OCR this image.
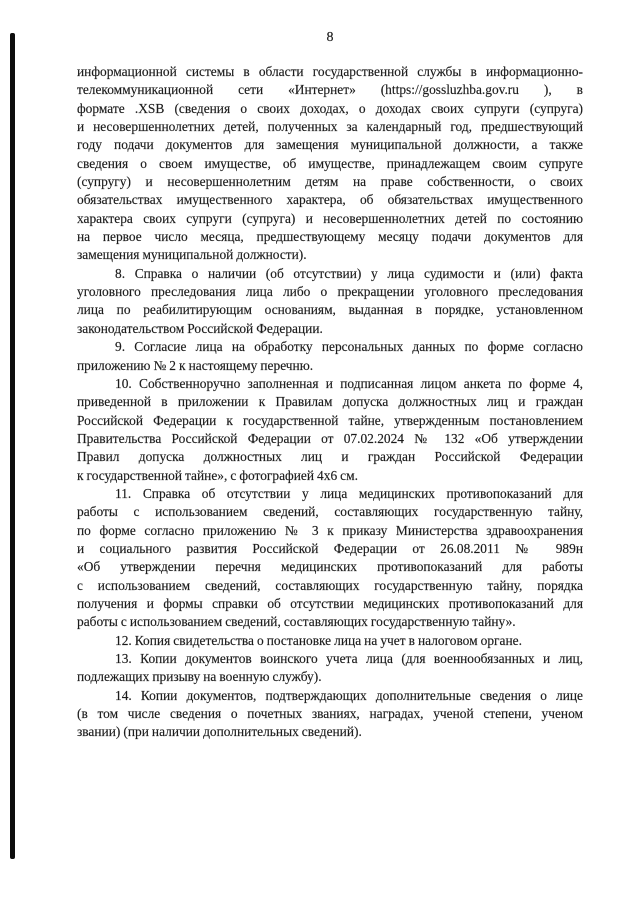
8
информационной системы в области государственной службы в информационно-
телекоммуникационной сети «Интернет» (https://gossluzhba.gov.ru ), в
формате .XSB (сведения о своих доходах, о доходах своих супруги (супруга)
и несовершеннолетних детей, полученных за календарный год, предшествующий
году подачи документов для замещения муниципальной должности, а также
сведения о своем имуществе, об имуществе, принадлежащем своим супруге
(супругу) и несовершеннолетним детям на праве собственности, о своих
обязательствах имущественного характера, об обязательствах имущественного
характера своих супруги (супруга) и несовершеннолетних детей по состоянию
на первое число месяца, предшествующему месяцу подачи документов для
замещения муниципальной должности).
8. Справка о наличии (об отсутствии) у лица судимости и (или) факта
уголовного преследования лица либо о прекращении уголовного преследования
лица по реабилитирующим основаниям, выданная в порядке, установленном
законодательством Российской Федерации.
9. Согласие лица на обработку персональных данных по форме согласно
приложению № 2 к настоящему перечню.
10. Собственноручно заполненная и подписанная лицом анкета по форме 4,
приведенной в приложении к Правилам допуска должностных лиц и граждан
Российской Федерации к государственной тайне, утвержденным постановлением
Правительства Российской Федерации от 07.02.2024 № 132 «Об утверждении
Правил допуска должностных лиц и граждан Российской Федерации
к государственной тайне», с фотографией 4х6 см.
11. Справка об отсутствии у лица медицинских противопоказаний для
работы с использованием сведений, составляющих государственную тайну,
по форме согласно приложению № 3 к приказу Министерства здравоохранения
и социального развития Российской Федерации от 26.08.2011 № 989н
«Об утверждении перечня медицинских противопоказаний для работы
с использованием сведений, составляющих государственную тайну, порядка
получения и формы справки об отсутствии медицинских противопоказаний для
работы с использованием сведений, составляющих государственную тайну».
12. Копия свидетельства о постановке лица на учет в налоговом органе.
13. Копии документов воинского учета лица (для военнообязанных и лиц,
подлежащих призыву на военную службу).
14. Копии документов, подтверждающих дополнительные сведения о лице
(в том числе сведения о почетных званиях, наградах, ученой степени, ученом
звании) (при наличии дополнительных сведений).
